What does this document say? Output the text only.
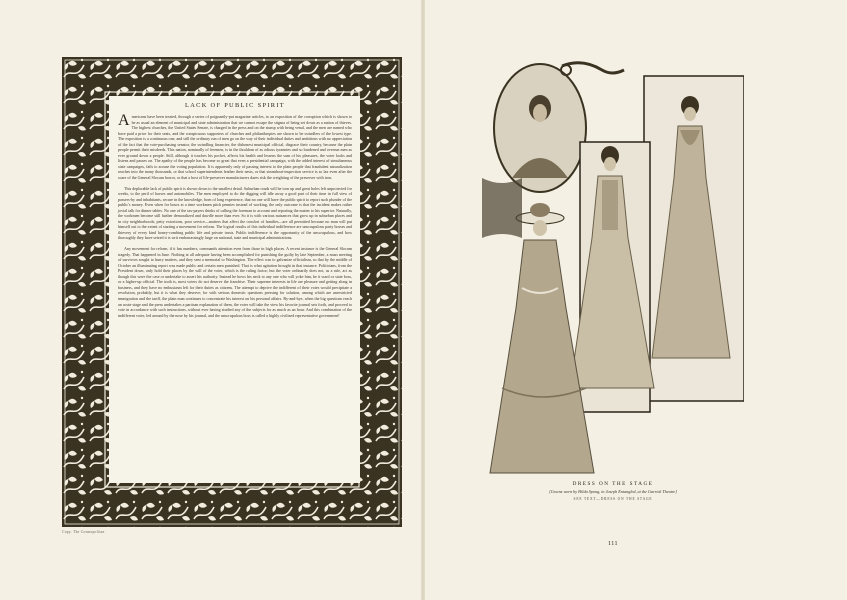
LACK OF PUBLIC SPIRIT

Americans have been treated, through a series of poignantly-put magazine articles, to an exposition of the corruption which is shown to be as usual an element of municipal and state administration that we cannot escape the stigma of being set down as a nation of thieves. The highest churches, the United States Senate, is charged in the press and on the stump with being venal, and the men are named who have paid a price for their seats, and the conspicuous supporters of churches and philanthropies are shown to be swindlers of the lowest type. The exposition is a continuous one, and still the ordinary run of men go on the way of their individual duties and ambitions with no appreciation of the fact that the vote-purchasing senator, the swindling financier, the dishonest municipal official, disgrace their country, because the plain people permit their misdeeds. This nation, nominally of freemen, is in the thraldom of as odious tyrannies and so burdened and overrun men as ever ground down a people. Still, although it touches his pocket, affects his health and lessens the sum of his pleasures, the voter looks and listens and passes on. The apathy of the people has become so great that even a presidential campaign, with the added interest of simultaneous state campaigns, fails to arouse the voting population. It is apparently only of passing interest to the plain people that fraudulent naturalization reaches into the many thousands, or that school superintendents feather their nests, or that steamboat-inspection service is so lax even after the scare of the General Slocum horror, or that a host of life-preserver manufacturers dares risk the weighting of the preserver with iron.

This deplorable lack of public spirit is shown down to the smallest detail. Suburban roads will be torn up and great holes left unprotected for weeks, to the peril of horses and automobiles. The men employed to do the digging will idle away a good part of their time in full view of passers-by and inhabitants, secure in the knowledge, born of long experience, that no one will have the public spirit to report such plunder of the public's money. Even when for hours at a time workmen pitch pennies instead of working, the only outcome is that the incident makes rather jovial talk for dinner tables. No one of the tax-payers thinks of calling the foreman to account and reporting the matter to his superior. Naturally, the workmen become still further demoralized and dawdle more than ever. So it is with various nuisances that grow up in suburban places and in city neighborhoods; petty extortions, poor service—matters that affect the comfort of families—are all permitted because no man will put himself out to the extent of starting a movement for reform. The logical results of this individual indifference are unscrupulous party bosses and thievery of every kind honey-combing public life and private trusts. Public indifference is the opportunity of the unscrupulous, and how thoroughly they have seized it is writ embarrassingly large on national, state and municipal administrations.

Any movement for reform, if it has numbers, commands attention even from those in high places. A recent instance is the General Slocum tragedy. That happened in June. Nothing at all adequate having been accomplished for punishing the guilty by late September, a mass meeting of survivors sought to hurry matters, and they sent a memorial to Washington. The effect was to galvanize officialism, so that by the middle of October an illuminating report was made public and certain men punished. That is what agitation brought in that instance. Politicians, from the President down, only hold their places by the will of the voter, which is the ruling factor; but the voter ordinarily does not, as a rule, act as though this were the case or undertake to assert his authority. Instead he bows his neck to any one who will yoke him, be it ward or state boss, or a higher-up official. The truth is, most voters do not deserve the franchise. Their supreme interests in life are pleasure and getting along in business, and they have no enthusiasm left for their duties as citizens. The attempt to deprive the indifferent of their votes would precipitate a revolution, probably, but it is what they deserve; for with serious domestic questions pressing for solution, among which are unrestricted immigration and the tariff, the plain man continues to concentrate his interest on his personal affairs. By-and-bye, when the big questions reach an acute stage and the press undertakes a partisan explanation of them, the voter will take the view his favorite journal sets forth, and proceed to vote in accordance with such instructions, without ever having studied any of the subjects for as much as an hour. And this combination of the indifferent voter, led around by the nose by his journal, and the unscrupulous boss is called a highly civilized representative government!

Copy. The Cosmopolitan
DRESS ON THE STAGE
[Gowns worn by Hilda Spong, in Joseph Entangled, at the Garrick Theatre]
SEE TEXT—DRESS ON THE STAGE
111
